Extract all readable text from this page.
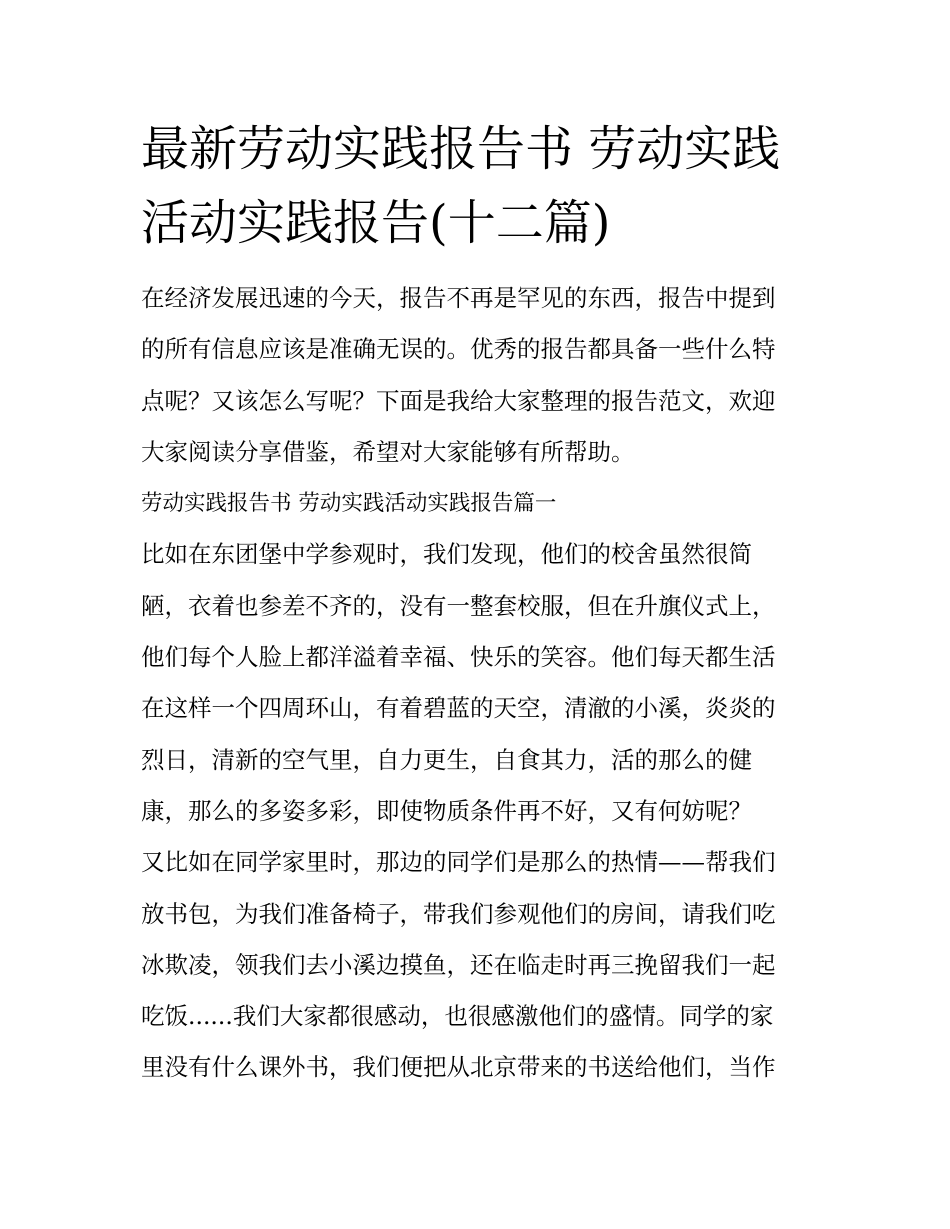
最新劳动实践报告书 劳动实践
活动实践报告(十二篇)

在经济发展迅速的今天，报告不再是罕见的东西，报告中提到
的所有信息应该是准确无误的。优秀的报告都具备一些什么特
点呢？又该怎么写呢？下面是我给大家整理的报告范文，欢迎
大家阅读分享借鉴，希望对大家能够有所帮助。

劳动实践报告书 劳动实践活动实践报告篇一

比如在东团堡中学参观时，我们发现，他们的校舍虽然很简
陋，衣着也参差不齐的，没有一整套校服，但在升旗仪式上，
他们每个人脸上都洋溢着幸福、快乐的笑容。他们每天都生活
在这样一个四周环山，有着碧蓝的天空，清澈的小溪，炎炎的
烈日，清新的空气里，自力更生，自食其力，活的那么的健
康，那么的多姿多彩，即使物质条件再不好，又有何妨呢？

又比如在同学家里时，那边的同学们是那么的热情——帮我们
放书包，为我们准备椅子，带我们参观他们的房间，请我们吃
冰欺凌，领我们去小溪边摸鱼，还在临走时再三挽留我们一起
吃饭......我们大家都很感动，也很感激他们的盛情。同学的家
里没有什么课外书，我们便把从北京带来的书送给他们，当作
